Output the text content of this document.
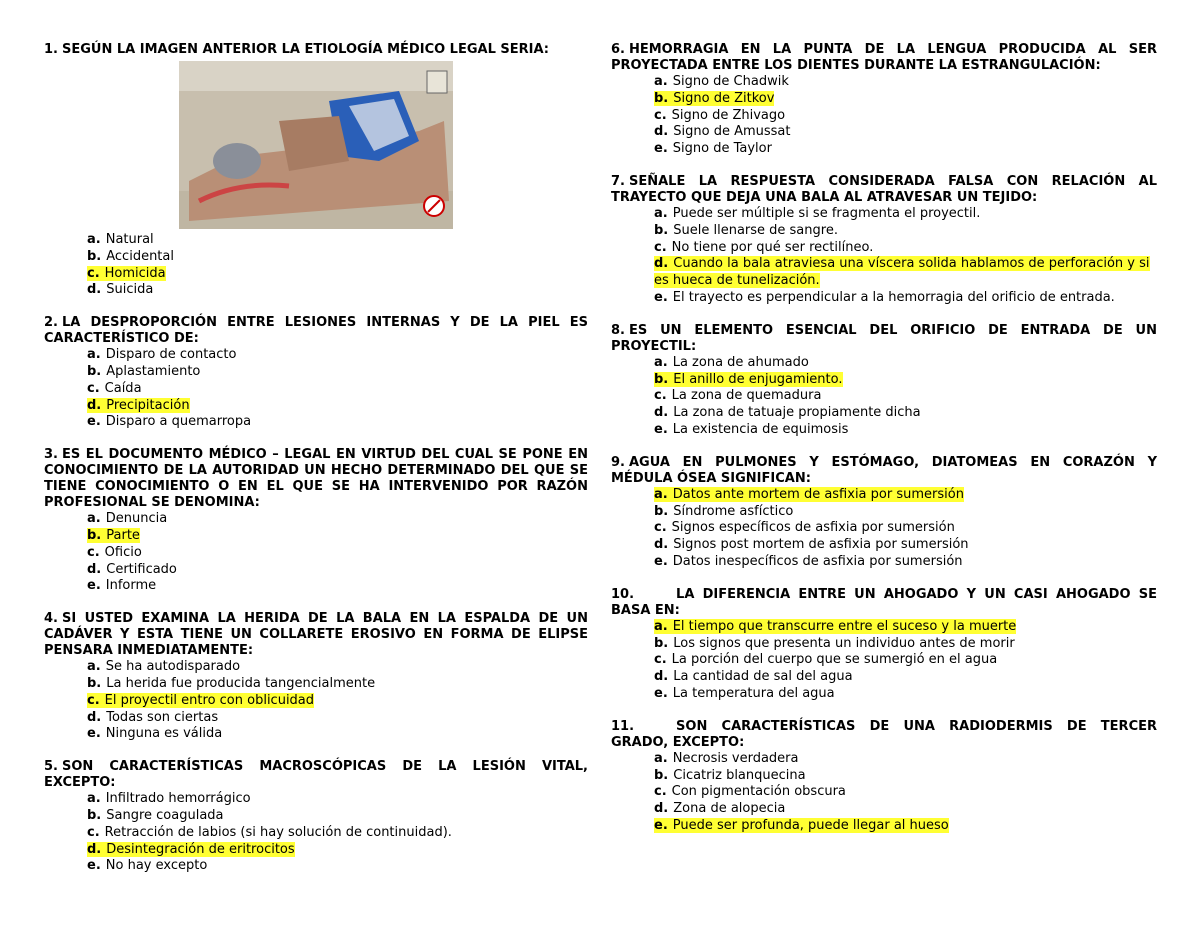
1. SEGÚN LA IMAGEN ANTERIOR LA ETIOLOGÍA MÉDICO LEGAL SERIA:
a. Natural
b. Accidental
c. Homicida
d. Suicida
2. LA DESPROPORCIÓN ENTRE LESIONES INTERNAS Y DE LA PIEL ES CARACTERÍSTICO DE:
a. Disparo de contacto
b. Aplastamiento
c. Caída
d. Precipitación
e. Disparo a quemarropa
3. ES EL DOCUMENTO MÉDICO – LEGAL EN VIRTUD DEL CUAL SE PONE EN CONOCIMIENTO DE LA AUTORIDAD UN HECHO DETERMINADO DEL QUE SE TIENE CONOCIMIENTO O EN EL QUE SE HA INTERVENIDO POR RAZÓN PROFESIONAL SE DENOMINA:
a. Denuncia
b. Parte
c. Oficio
d. Certificado
e. Informe
4. SI USTED EXAMINA LA HERIDA DE LA BALA EN LA ESPALDA DE UN CADÁVER Y ESTA TIENE UN COLLARETE EROSIVO EN FORMA DE ELIPSE PENSARA INMEDIATAMENTE:
a. Se ha autodisparado
b. La herida fue producida tangencialmente
c. El proyectil entro con oblicuidad
d. Todas son ciertas
e. Ninguna es válida
5. SON CARACTERÍSTICAS MACROSCÓPICAS DE LA LESIÓN VITAL, EXCEPTO:
a. Infiltrado hemorrágico
b. Sangre coagulada
c. Retracción de labios (si hay solución de continuidad).
d. Desintegración de eritrocitos
e. No hay excepto
6. HEMORRAGIA EN LA PUNTA DE LA LENGUA PRODUCIDA AL SER PROYECTADA ENTRE LOS DIENTES DURANTE LA ESTRANGULACIÓN:
a. Signo de Chadwik
b. Signo de Zitkov
c. Signo de Zhivago
d. Signo de Amussat
e. Signo de Taylor
7. SEÑALE LA RESPUESTA CONSIDERADA FALSA CON RELACIÓN AL TRAYECTO QUE DEJA UNA BALA AL ATRAVESAR UN TEJIDO:
a. Puede ser múltiple si se fragmenta el proyectil.
b. Suele llenarse de sangre.
c. No tiene por qué ser rectilíneo.
d. Cuando la bala atraviesa una víscera solida hablamos de perforación y si es hueca de tunelización.
e. El trayecto es perpendicular a la hemorragia del orificio de entrada.
8. ES UN ELEMENTO ESENCIAL DEL ORIFICIO DE ENTRADA DE UN PROYECTIL:
a. La zona de ahumado
b. El anillo de enjugamiento.
c. La zona de quemadura
d. La zona de tatuaje propiamente dicha
e. La existencia de equimosis
9. AGUA EN PULMONES Y ESTÓMAGO, DIATOMEAS EN CORAZÓN Y MÉDULA ÓSEA SIGNIFICAN:
a. Datos ante mortem de asfixia por sumersión
b. Síndrome asfíctico
c. Signos específicos de asfixia por sumersión
d. Signos post mortem de asfixia por sumersión
e. Datos inespecíficos de asfixia por sumersión
10.	LA DIFERENCIA ENTRE UN AHOGADO Y UN CASI AHOGADO SE BASA EN:
a. El tiempo que transcurre entre el suceso y la muerte
b. Los signos que presenta un individuo antes de morir
c. La porción del cuerpo que se sumergió en el agua
d. La cantidad de sal del agua
e. La temperatura del agua
11.	SON CARACTERÍSTICAS DE UNA RADIODERMIS DE TERCER GRADO, EXCEPTO:
a. Necrosis verdadera
b. Cicatriz blanquecina
c. Con pigmentación obscura
d. Zona de alopecia
e. Puede ser profunda, puede llegar al hueso
